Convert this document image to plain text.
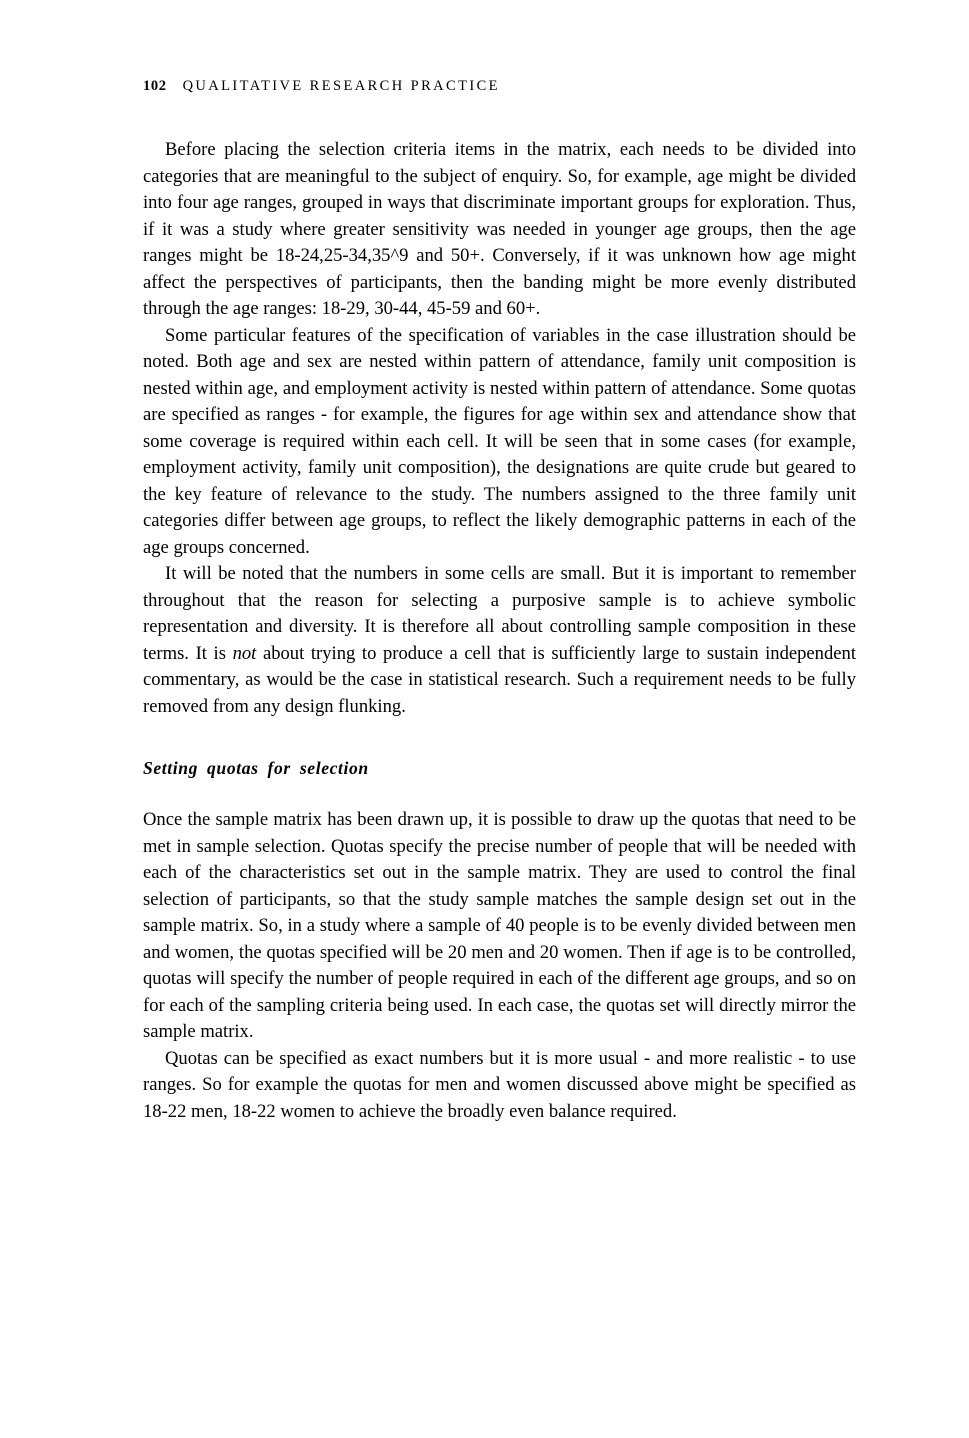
102 QUALITATIVE RESEARCH PRACTICE

Before placing the selection criteria items in the matrix, each needs to be divided into categories that are meaningful to the subject of enquiry. So, for example, age might be divided into four age ranges, grouped in ways that discriminate important groups for exploration. Thus, if it was a study where greater sensitivity was needed in younger age groups, then the age ranges might be 18-24,25-34,35^9 and 50+. Conversely, if it was unknown how age might affect the perspectives of participants, then the banding might be more evenly distributed through the age ranges: 18-29, 30-44, 45-59 and 60+.

Some particular features of the specification of variables in the case illustration should be noted. Both age and sex are nested within pattern of attendance, family unit composition is nested within age, and employment activity is nested within pattern of attendance. Some quotas are specified as ranges - for example, the figures for age within sex and attendance show that some coverage is required within each cell. It will be seen that in some cases (for example, employment activity, family unit composition), the designations are quite crude but geared to the key feature of relevance to the study. The numbers assigned to the three family unit categories differ between age groups, to reflect the likely demographic patterns in each of the age groups concerned.

It will be noted that the numbers in some cells are small. But it is important to remember throughout that the reason for selecting a purposive sample is to achieve symbolic representation and diversity. It is therefore all about controlling sample composition in these terms. It is not about trying to produce a cell that is sufficiently large to sustain independent commentary, as would be the case in statistical research. Such a requirement needs to be fully removed from any design flunking.

Setting quotas for selection

Once the sample matrix has been drawn up, it is possible to draw up the quotas that need to be met in sample selection. Quotas specify the precise number of people that will be needed with each of the characteristics set out in the sample matrix. They are used to control the final selection of participants, so that the study sample matches the sample design set out in the sample matrix. So, in a study where a sample of 40 people is to be evenly divided between men and women, the quotas specified will be 20 men and 20 women. Then if age is to be controlled, quotas will specify the number of people required in each of the different age groups, and so on for each of the sampling criteria being used. In each case, the quotas set will directly mirror the sample matrix.

Quotas can be specified as exact numbers but it is more usual - and more realistic - to use ranges. So for example the quotas for men and women discussed above might be specified as 18-22 men, 18-22 women to achieve the broadly even balance required.
